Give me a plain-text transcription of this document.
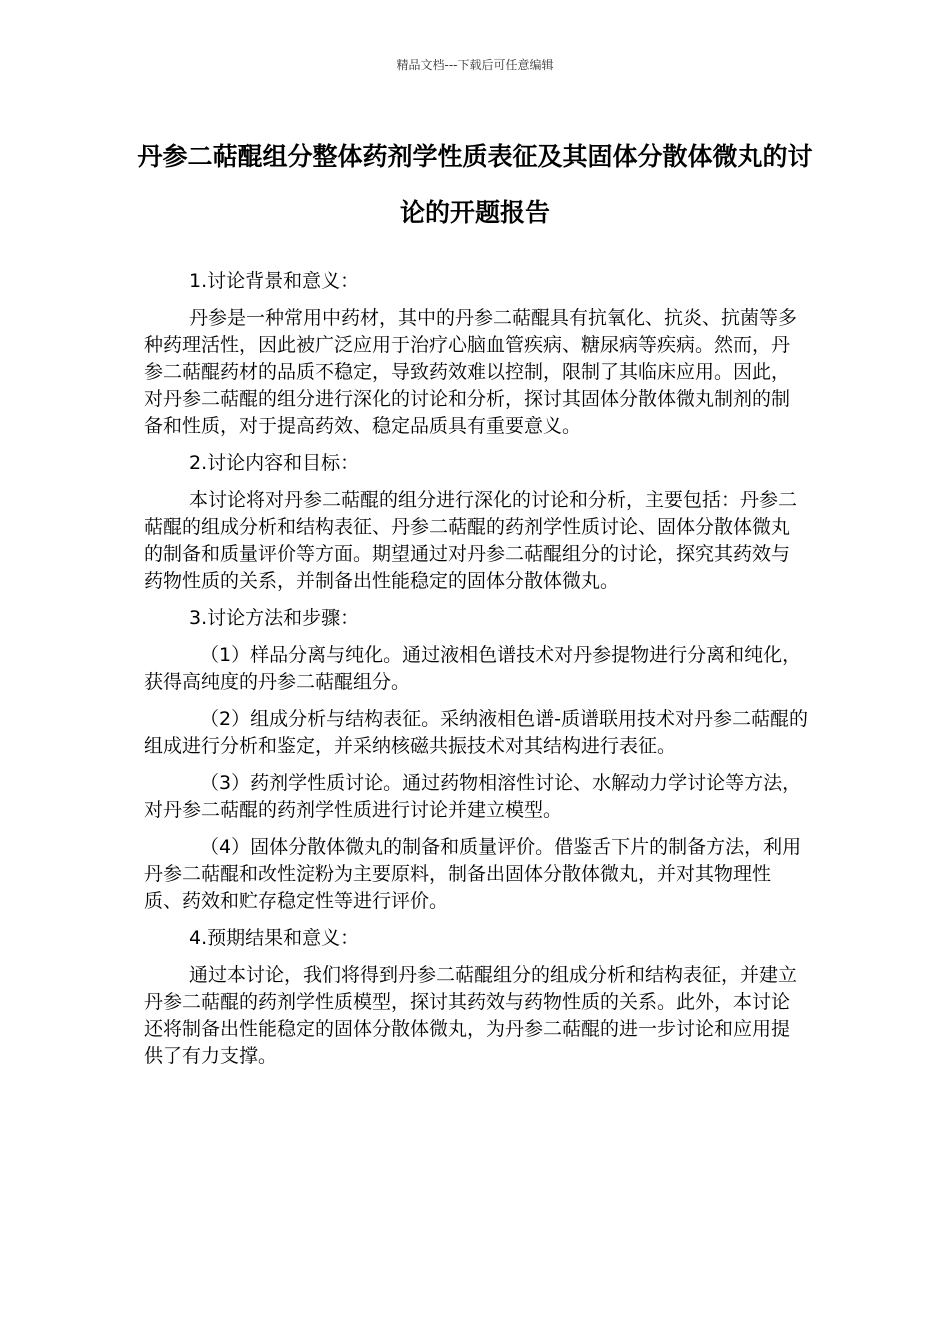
精品文档---下载后可任意编辑
丹参二萜醌组分整体药剂学性质表征及其固体分散体微丸的讨论的开题报告

1.讨论背景和意义：

丹参是一种常用中药材，其中的丹参二萜醌具有抗氧化、抗炎、抗菌等多种药理活性，因此被广泛应用于治疗心脑血管疾病、糖尿病等疾病。然而，丹参二萜醌药材的品质不稳定，导致药效难以控制，限制了其临床应用。因此，对丹参二萜醌的组分进行深化的讨论和分析，探讨其固体分散体微丸制剂的制备和性质，对于提高药效、稳定品质具有重要意义。

2.讨论内容和目标：

本讨论将对丹参二萜醌的组分进行深化的讨论和分析，主要包括：丹参二萜醌的组成分析和结构表征、丹参二萜醌的药剂学性质讨论、固体分散体微丸的制备和质量评价等方面。期望通过对丹参二萜醌组分的讨论，探究其药效与药物性质的关系，并制备出性能稳定的固体分散体微丸。

3.讨论方法和步骤：

（1）样品分离与纯化。通过液相色谱技术对丹参提物进行分离和纯化，获得高纯度的丹参二萜醌组分。

（2）组成分析与结构表征。采纳液相色谱-质谱联用技术对丹参二萜醌的组成进行分析和鉴定，并采纳核磁共振技术对其结构进行表征。

（3）药剂学性质讨论。通过药物相溶性讨论、水解动力学讨论等方法，对丹参二萜醌的药剂学性质进行讨论并建立模型。

（4）固体分散体微丸的制备和质量评价。借鉴舌下片的制备方法，利用丹参二萜醌和改性淀粉为主要原料，制备出固体分散体微丸，并对其物理性质、药效和贮存稳定性等进行评价。

4.预期结果和意义：

通过本讨论，我们将得到丹参二萜醌组分的组成分析和结构表征，并建立丹参二萜醌的药剂学性质模型，探讨其药效与药物性质的关系。此外，本讨论还将制备出性能稳定的固体分散体微丸，为丹参二萜醌的进一步讨论和应用提供了有力支撑。
